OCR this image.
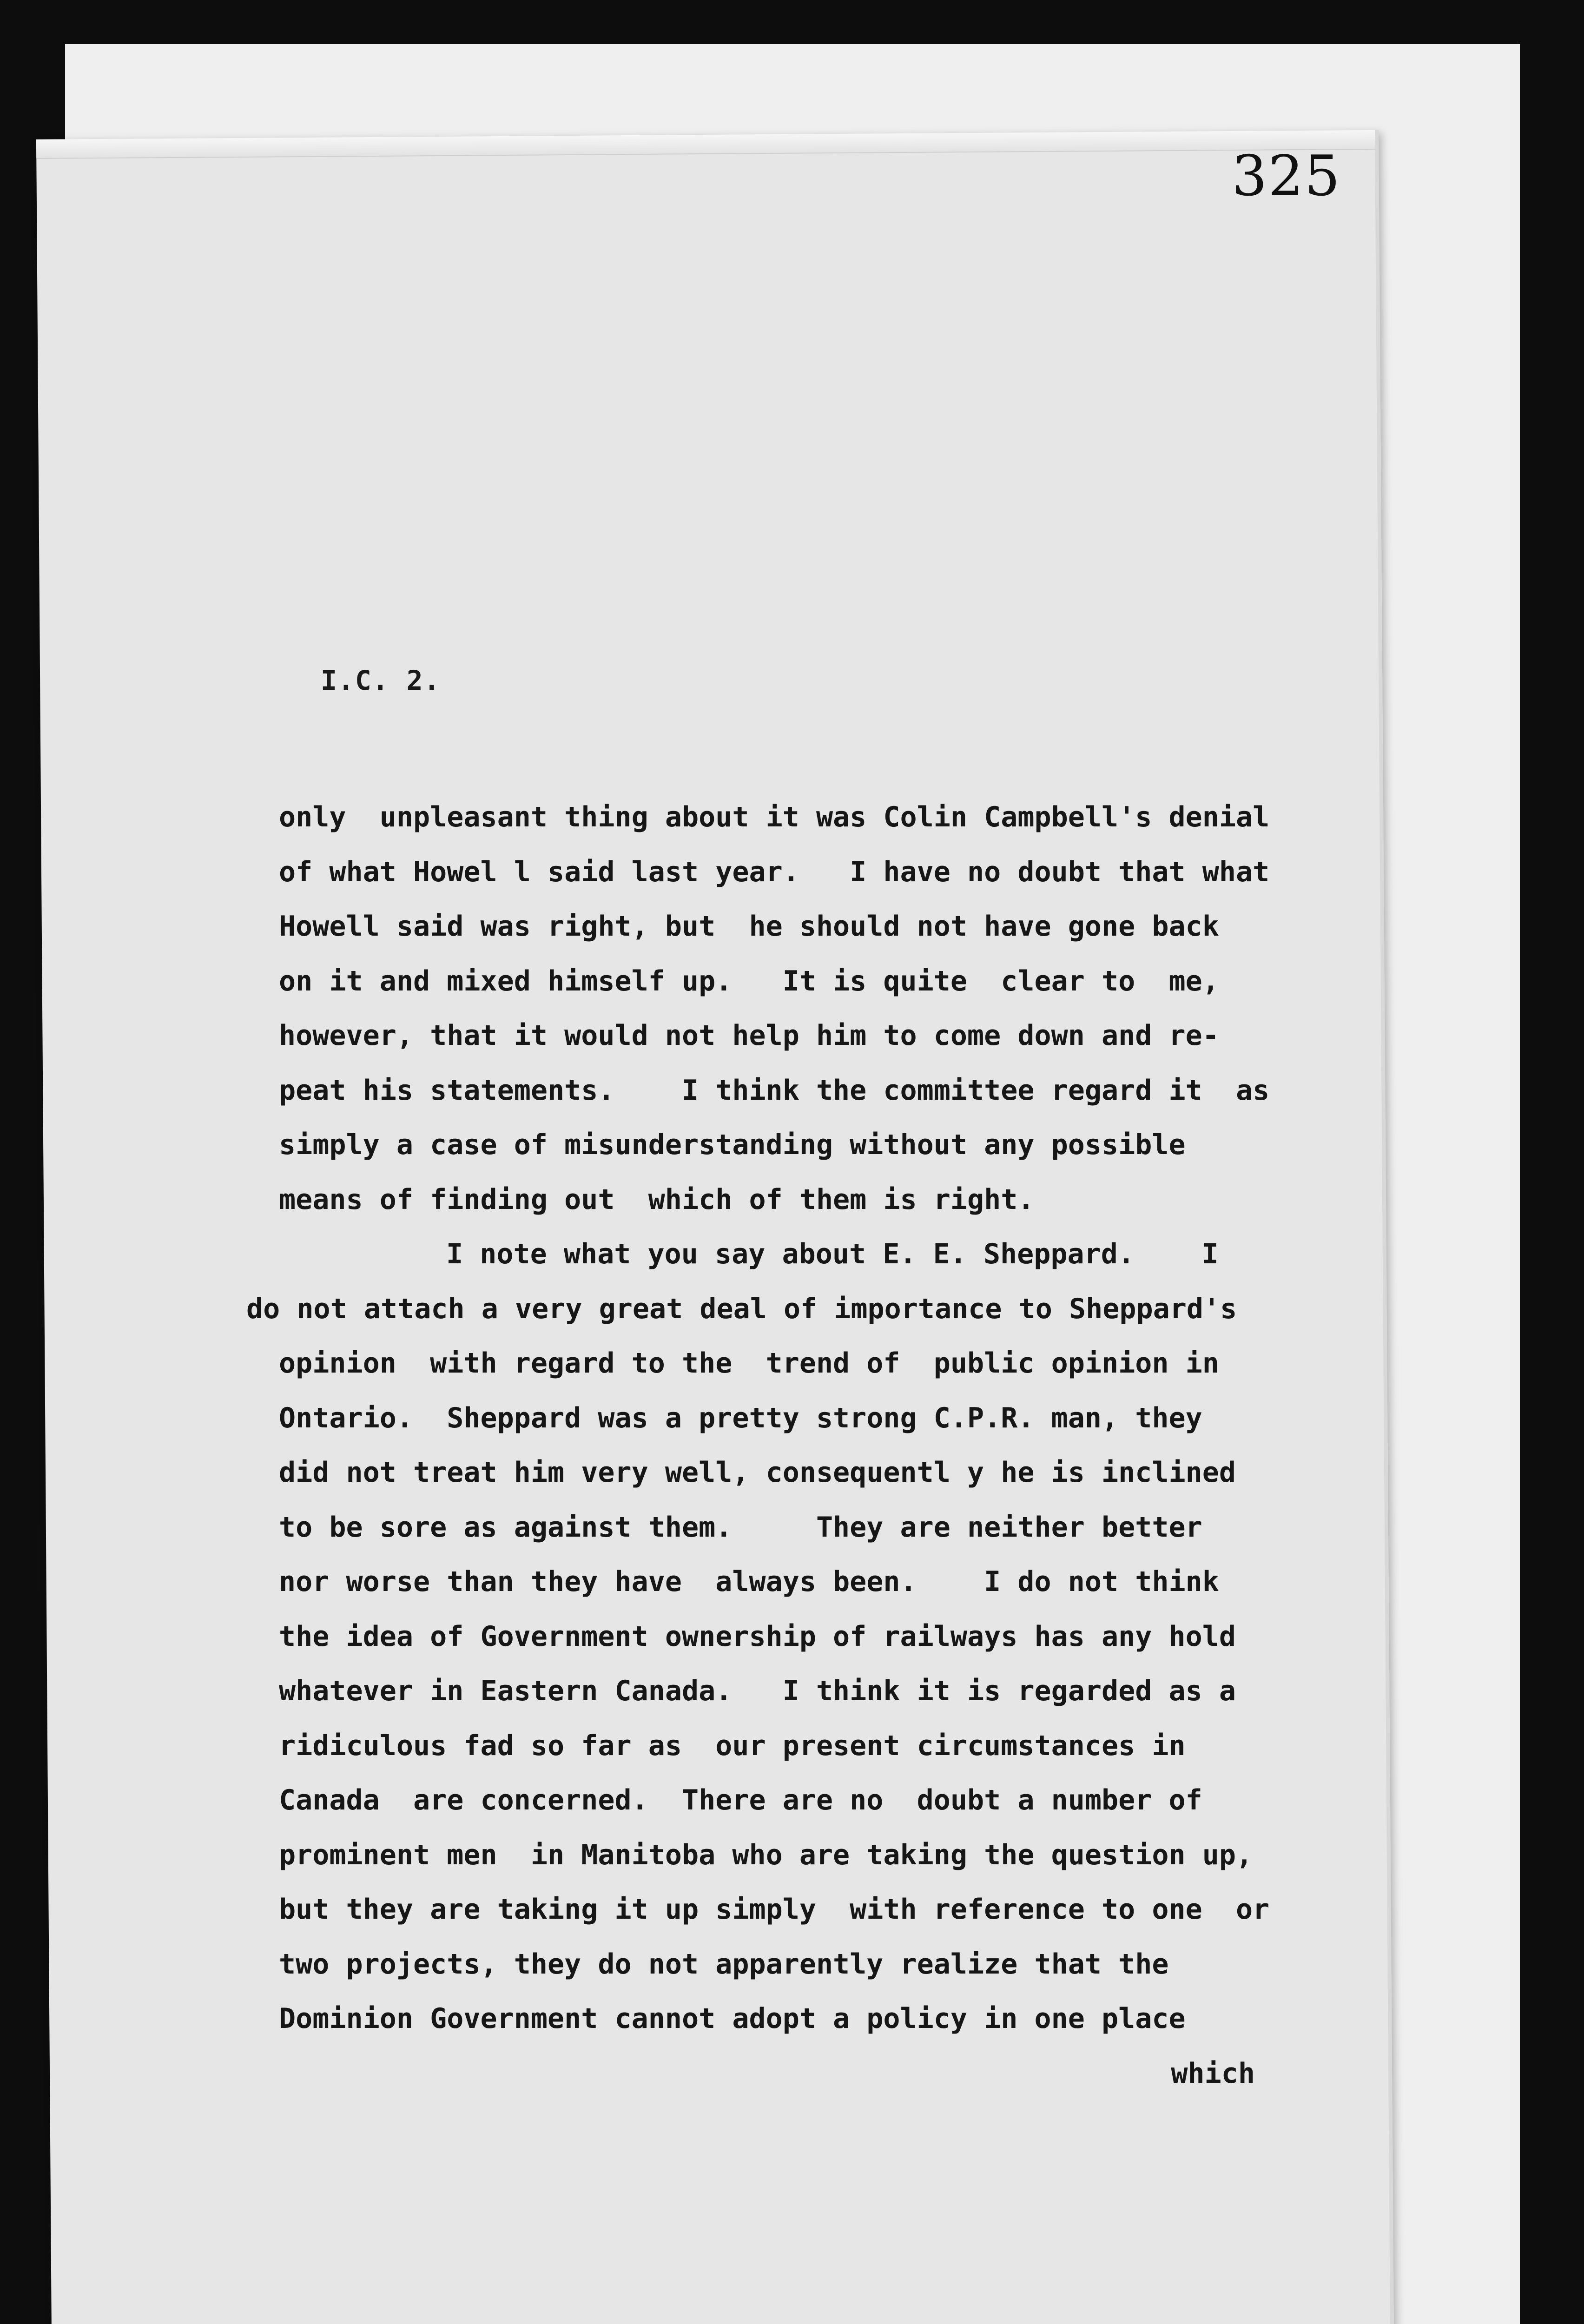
325
I.C. 2.
only  unpleasant thing about it was Colin Campbell's denial
of what Howel l said last year.   I have no doubt that what
Howell said was right, but  he should not have gone back
on it and mixed himself up.   It is quite  clear to  me,
however, that it would not help him to come down and re-
peat his statements.    I think the committee regard it  as
simply a case of misunderstanding without any possible
means of finding out  which of them is right.
I note what you say about E. E. Sheppard.    I
do not attach a very great deal of importance to Sheppard's
opinion  with regard to the  trend of  public opinion in
Ontario.  Sheppard was a pretty strong C.P.R. man, they
did not treat him very well, consequentl y he is inclined
to be sore as against them.     They are neither better
nor worse than they have  always been.    I do not think
the idea of Government ownership of railways has any hold
whatever in Eastern Canada.   I think it is regarded as a
ridiculous fad so far as  our present circumstances in
Canada  are concerned.  There are no  doubt a number of
prominent men  in Manitoba who are taking the question up,
but they are taking it up simply  with reference to one  or
two projects, they do not apparently realize that the
Dominion Government cannot adopt a policy in one place
which
